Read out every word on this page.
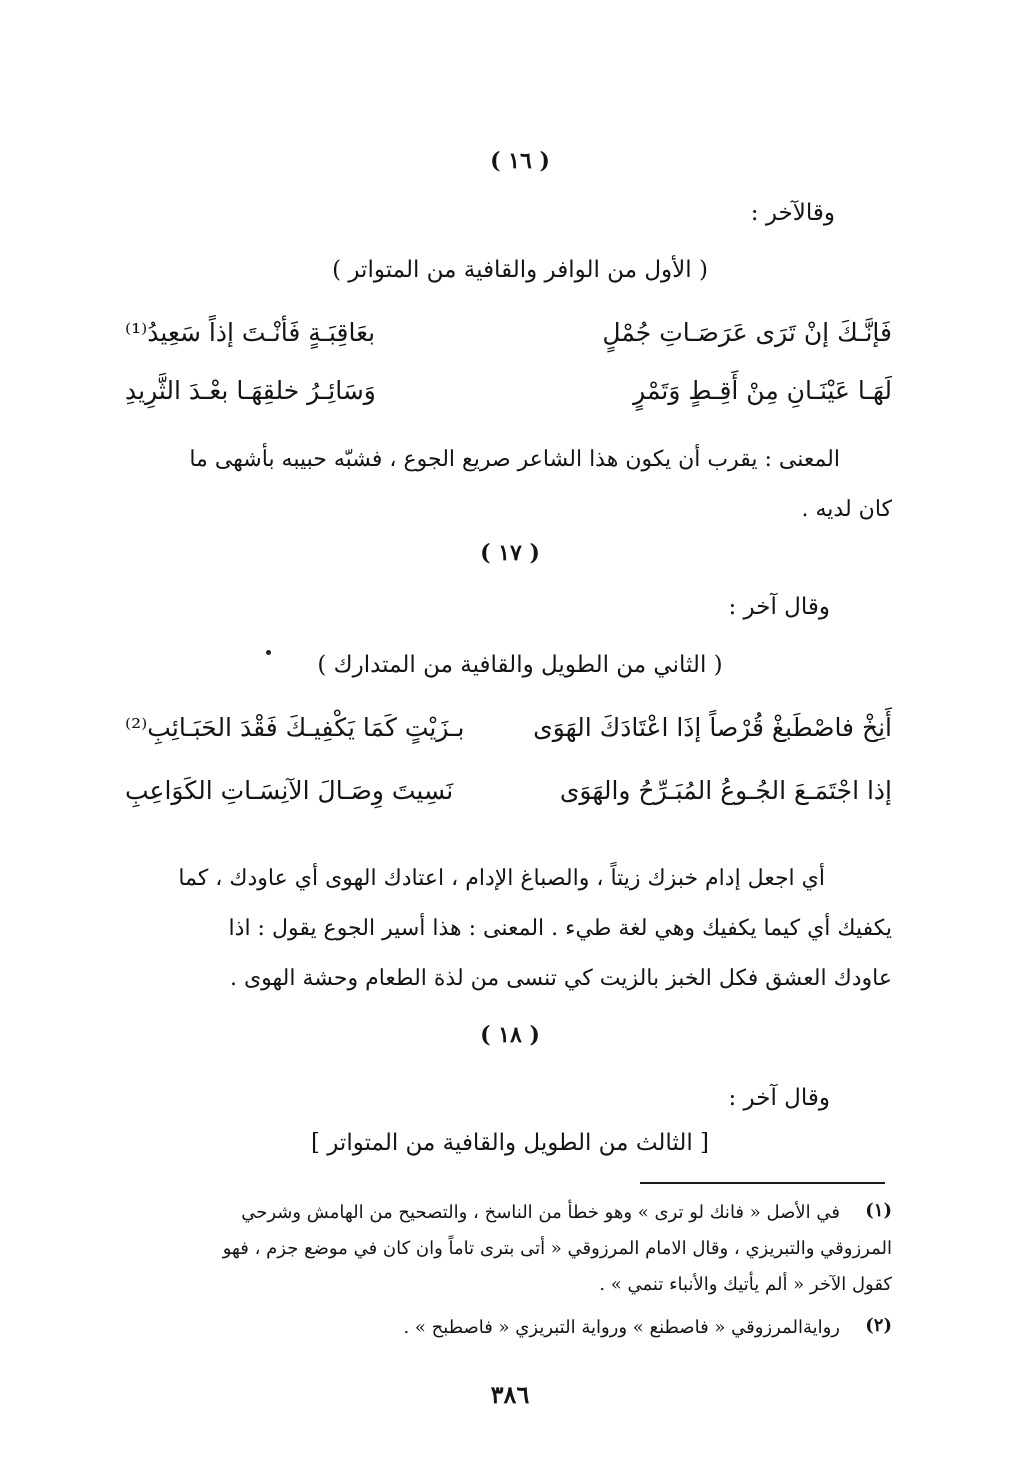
( ١٦ )
وقالآخر :
( الأول من الوافر والقافية من المتواتر )
فَإنَّـكَ إنْ تَرَى عَرَصَـاتِ جُمْلٍ
بعَاقِبَـةٍ فَأنْـتَ إذاً سَعِيدُ⁽¹⁾
لَهَـا عَيْنَـانِ مِنْ أَقِـطٍ وَتَمْرٍ
وَسَائِـرُ خلقِهَـا بعْـدَ الثَّرِيدِ
المعنى : يقرب أن يكون هذا الشاعر صريع الجوع ، فشبّه حبيبه بأشهى ما
كان لديه .
( ١٧ )
وقال آخر :
( الثاني من الطويل والقافية من المتدارك )
أَنِخْ فاصْطَبغْ قُرْصاً إذَا اعْتَادَكَ الهَوَى
بـزَيْتٍ كَمَا يَكْفِيـكَ فَقْدَ الحَبَـائِبِ⁽²⁾
إذا اجْتَمَـعَ الجُـوعُ المُبَـرِّحُ والهَوَى
نَسِيتَ وِصَـالَ الآنِسَـاتِ الكَوَاعِبِ
أي اجعل إدام خبزك زيتاً ، والصباغ الإدام ، اعتادك الهوى أي عاودك ، كما
يكفيك أي كيما يكفيك وهي لغة طيء . المعنى : هذا أسير الجوع يقول : اذا
عاودك العشق فكل الخبز بالزيت كي تنسى من لذة الطعام وحشة الهوى .
( ١٨ )
وقال آخر :
[ الثالث من الطويل والقافية من المتواتر ]
(١)
في الأصل « فانك لو ترى » وهو خطأ من الناسخ ، والتصحيح من الهامش وشرحي
المرزوقي والتبريزي ، وقال الامام المرزوقي « أتى بترى تاماً وان كان في موضع جزم ، فهو
كقول الآخر « ألم يأتيك والأنباء تنمي » .
(٢)
روايةالمرزوقي « فاصطنع » ورواية التبريزي « فاصطبح » .
٣٨٦
